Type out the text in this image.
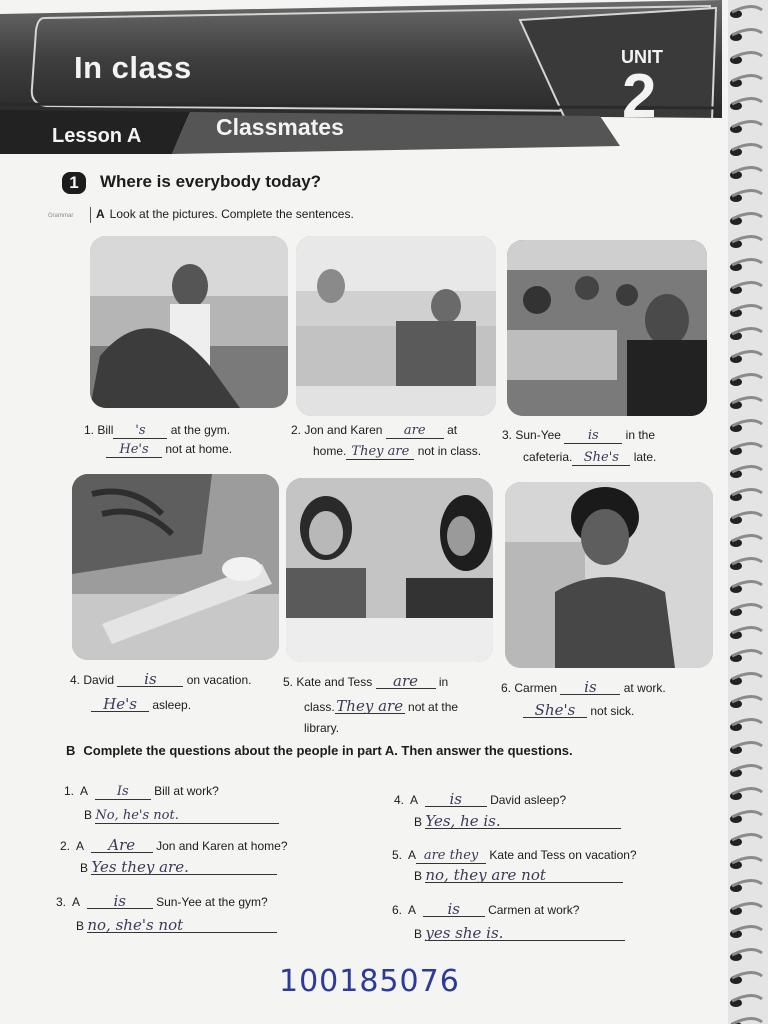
In class	UNIT
2
Lesson A	Classmates
1	Where is everybody today?
Grammar A Look at the pictures. Complete the sentences.
1. Bill 's at the gym.
He's not at home.
2. Jon and Karen are at
home. They are not in class.
3. Sun-Yee is in the
cafeteria. She's late.
4. David is	on vacation.
He's asleep.
5. Kate and Tess are in
class. They are not at the
library.
6. Carmen is at work.
She's not sick.
B Complete the questions about the people in part A. Then answer the questions.
1. A Is Bill at work?
B No, he's not.
2. A Are Jon and Karen at home?
B Yes they are.
3. A is	Sun-Yee at the gym?
B no, she's not
4. A is David asleep?
B Yes, he is.
5. A are they Kate and Tess on vacation?
B no, they are not
6. A is Carmen at work?
B yes she is.
100185076
